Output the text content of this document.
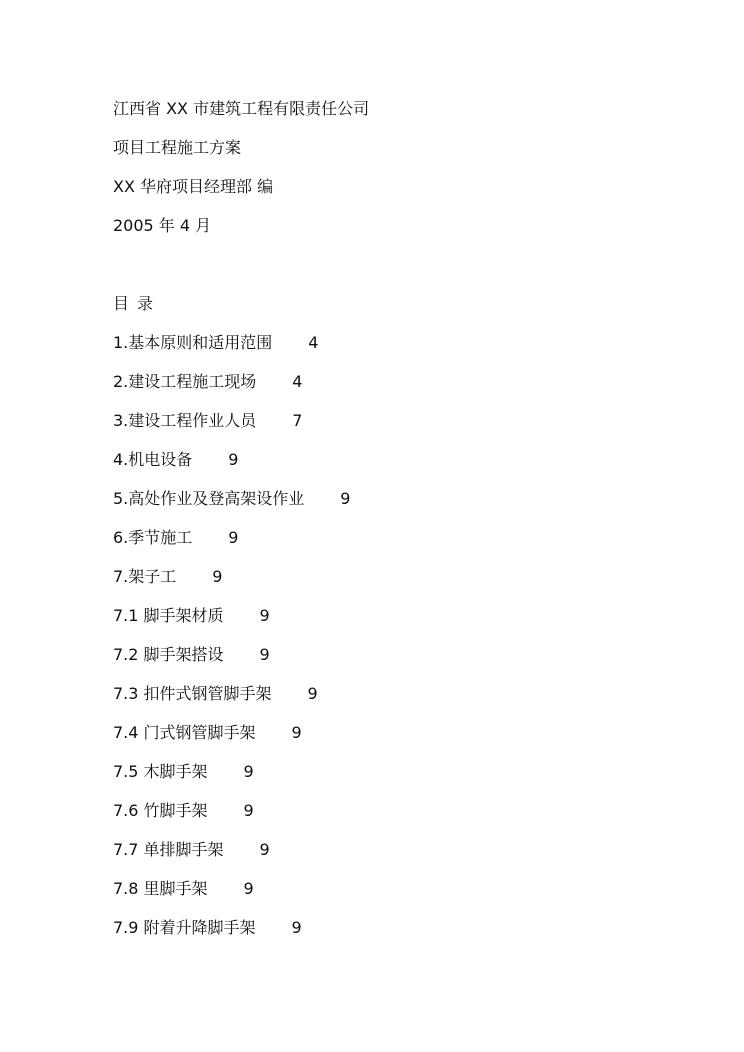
江西省 XX 市建筑工程有限责任公司
项目工程施工方案
XX 华府项目经理部 编
2005 年 4 月
目录
1.基本原则和适用范围 4
2.建设工程施工现场 4
3.建设工程作业人员 7
4.机电设备 9
5.高处作业及登高架设作业 9
6.季节施工 9
7.架子工 9
7.1 脚手架材质 9
7.2 脚手架搭设 9
7.3 扣件式钢管脚手架 9
7.4 门式钢管脚手架 9
7.5 木脚手架 9
7.6 竹脚手架 9
7.7 单排脚手架 9
7.8 里脚手架 9
7.9 附着升降脚手架 9
